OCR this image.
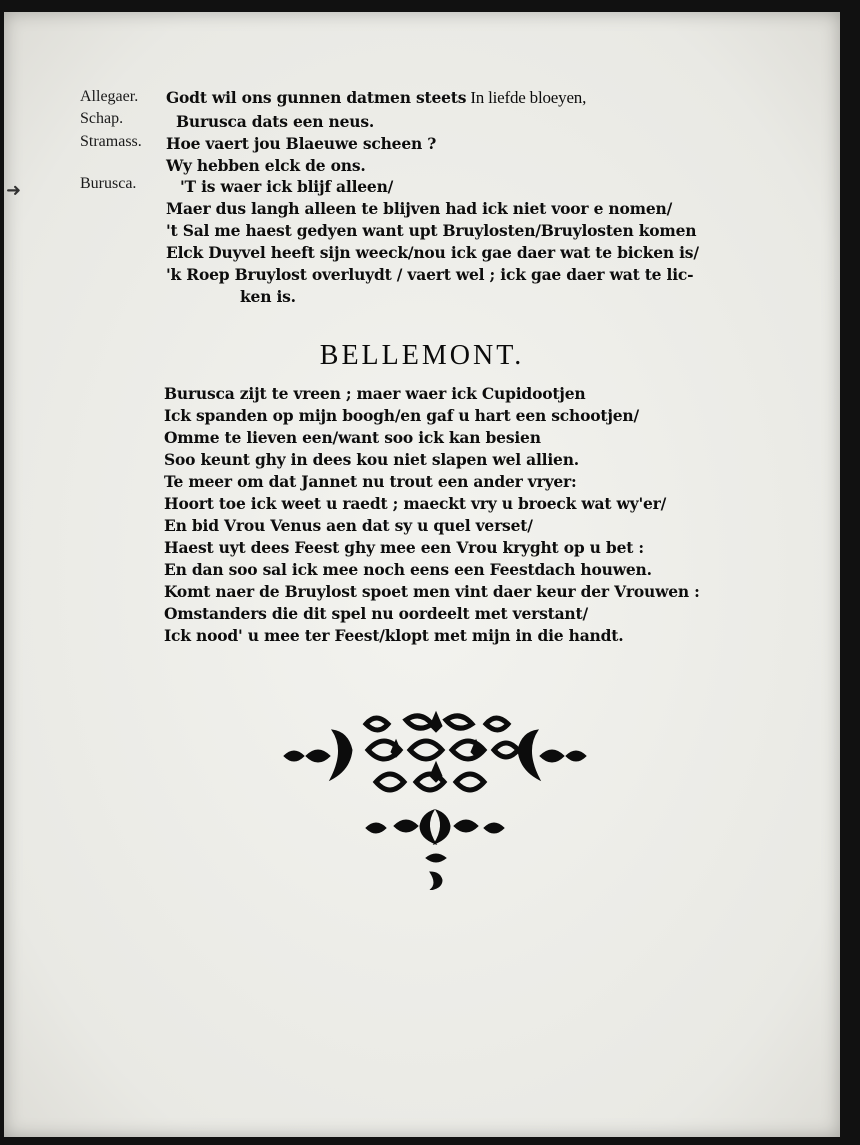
Allegaer.
Schap.
Stramass.
Burusca.
Godt wil ons gunnen datmen steets In liefde bloeyen,
Burusca dats een neus.
Hoe vaert jou Blaeuwe scheen ?
Wy hebben elck de ons.
'T is waer ick blijf alleen/
Maer dus langh alleen te blijven had ick niet voor e nomen/
't Sal me haest gedyen want upt Bruylosten/Bruylosten komen
Elck Duyvel heeft sijn weeck/nou ick gae daer wat te bicken is/
'k Roep Bruylost overluydt / vaert wel ; ick gae daer wat te lic-
ken is.
BELLEMONT.
Burusca zijt te vreen ; maer waer ick Cupidootjen
Ick spanden op mijn boogh/en gaf u hart een schootjen/
Omme te lieven een/want soo ick kan besien
Soo keunt ghy in dees kou niet slapen wel allien.
Te meer om dat Jannet nu trout een ander vryer:
Hoort toe ick weet u raedt ; maeckt vry u broeck wat wy'er/
En bid Vrou Venus aen dat sy u quel verset/
Haest uyt dees Feest ghy mee een Vrou kryght op u bet :
En dan soo sal ick mee noch eens een Feestdach houwen.
Komt naer de Bruylost spoet men vint daer keur der Vrouwen :
Omstanders die dit spel nu oordeelt met verstant/
Ick nood' u mee ter Feest/klopt met mijn in die handt.
➜
